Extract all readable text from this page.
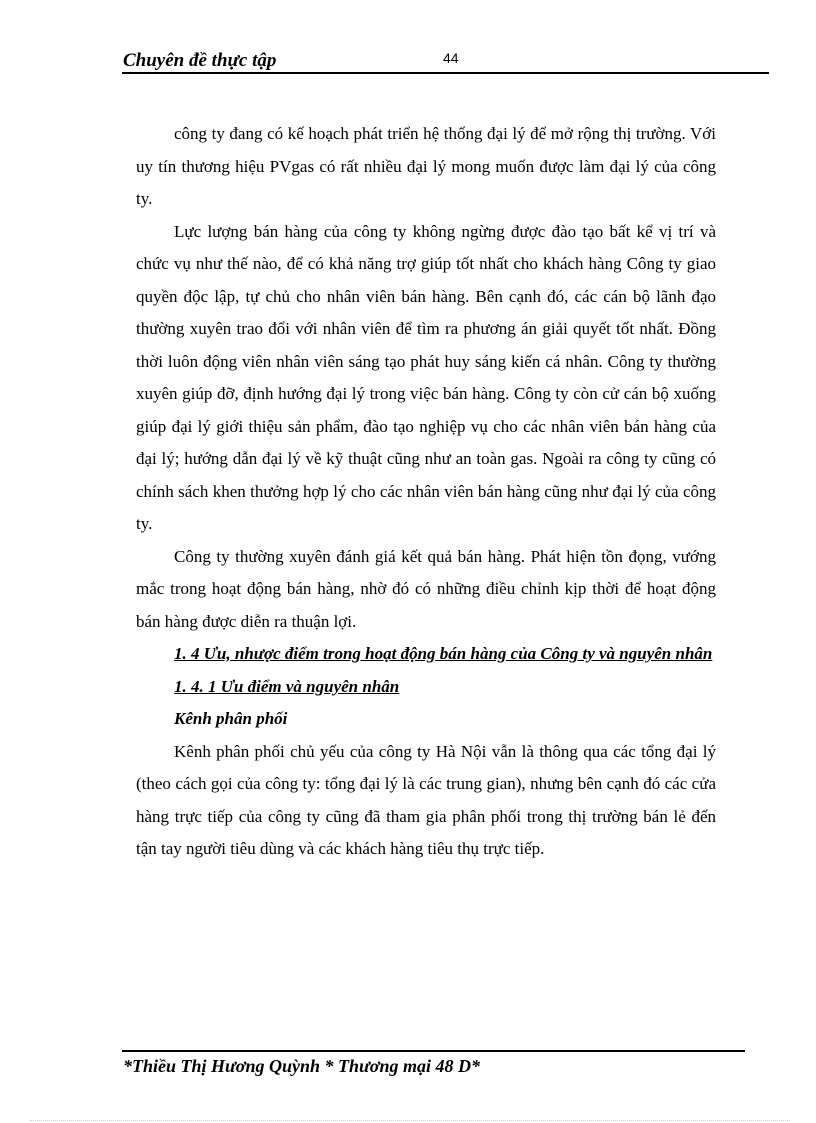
Chuyên đề thực tập	44

công ty đang có kế hoạch phát triển hệ thống đại lý để mở rộng thị trường. Với uy tín thương hiệu PVgas có rất nhiều đại lý mong muốn được làm đại lý của công ty.

Lực lượng bán hàng của công ty không ngừng được đào tạo bất kể vị trí và chức vụ như thế nào, để có khả năng trợ giúp tốt nhất cho khách hàng Công ty giao quyền độc lập, tự chủ cho nhân viên bán hàng. Bên cạnh đó, các cán bộ lãnh đạo thường xuyên trao đổi với nhân viên để tìm ra phương án giải quyết tốt nhất. Đồng thời luôn động viên nhân viên sáng tạo phát huy sáng kiến cá nhân. Công ty thường xuyên giúp đỡ, định hướng đại lý trong việc bán hàng. Công ty còn cử cán bộ xuống giúp đại lý giới thiệu sản phẩm, đào tạo nghiệp vụ cho các nhân viên bán hàng của đại lý; hướng dẫn đại lý về kỹ thuật cũng như an toàn gas. Ngoài ra công ty cũng có chính sách khen thưởng hợp lý cho các nhân viên bán hàng cũng như đại lý của công ty.

Công ty thường xuyên đánh giá kết quả bán hàng. Phát hiện tồn đọng, vướng mắc trong hoạt động bán hàng, nhờ đó có những điều chỉnh kịp thời để hoạt động bán hàng được diễn ra thuận lợi.

1. 4 Ưu, nhược điểm trong hoạt động bán hàng của Công ty và nguyên nhân

1. 4. 1 Ưu điểm và nguyên nhân

Kênh phân phối

Kênh phân phối chủ yếu của công ty Hà Nội vẫn là thông qua các tổng đại lý (theo cách gọi của công ty: tổng đại lý là các trung gian), nhưng bên cạnh đó các cửa hàng trực tiếp của công ty cũng đã tham gia phân phối trong thị trường bán lẻ đến tận tay người tiêu dùng và các khách hàng tiêu thụ trực tiếp.

*Thiều Thị Hương Quỳnh * Thương mại 48 D*
